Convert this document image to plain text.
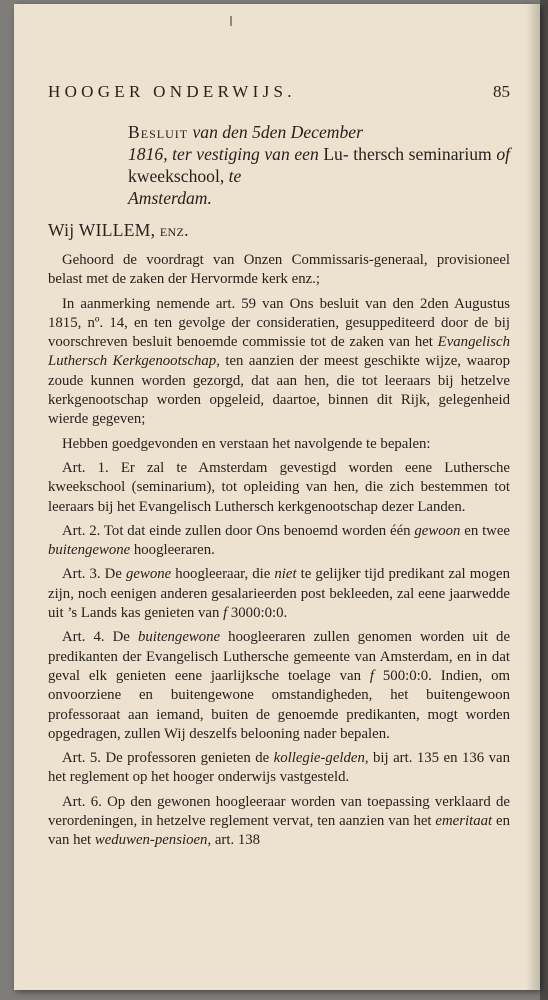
HOOGER ONDERWIJS.	85
Besluit van den 5den December
1816, ter vestiging van een Lu- thersch seminarium of kweekschool, te
Amsterdam.
Wij WILLEM, enz.

Gehoord de voordragt van Onzen Commissaris-generaal, provisioneel belast met de zaken der Hervormde kerk enz.;

In aanmerking nemende art. 59 van Ons besluit van den 2den Augustus 1815, nº. 14, en ten gevolge der consideratien, gesuppediteerd door de bij voorschreven besluit benoemde commissie tot de zaken van het Evangelisch Luthersch Kerkgenootschap, ten aanzien der meest geschikte wijze, waarop zoude kunnen worden gezorgd, dat aan hen, die tot leeraars bij hetzelve kerkgenootschap worden opgeleid, daartoe, binnen dit Rijk, gelegenheid wierde gegeven;

Hebben goedgevonden en verstaan het navolgende te bepalen:

Art. 1. Er zal te Amsterdam gevestigd worden eene Luthersche kweekschool (seminarium), tot opleiding van hen, die zich bestemmen tot leeraars bij het Evangelisch Luthersch kerkgenootschap dezer Landen.

Art. 2. Tot dat einde zullen door Ons benoemd worden één gewoon en twee buitengewone hoogleeraren.

Art. 3. De gewone hoogleeraar, die niet te gelijker tijd predikant zal mogen zijn, noch eenigen anderen gesalarieerden post bekleeden, zal eene jaarwedde uit ’s Lands kas genieten van f 3000:0:0.

Art. 4. De buitengewone hoogleeraren zullen genomen worden uit de predikanten der Evangelisch Luthersche gemeente van Amsterdam, en in dat geval elk genieten eene jaarlijksche toelage van f 500:0:0. Indien, om onvoorziene en buitengewone omstandigheden, het buitengewoon professoraat aan iemand, buiten de genoemde predikanten, mogt worden opgedragen, zullen Wij deszelfs belooning nader bepalen.

Art. 5. De professoren genieten de kollegie-gelden, bij art. 135 en 136 van het reglement op het hooger onderwijs vastgesteld.

Art. 6. Op den gewonen hoogleeraar worden van toepassing verklaard de verordeningen, in hetzelve reglement vervat, ten aanzien van het emeritaat en van het weduwen-pensioen, art. 138
